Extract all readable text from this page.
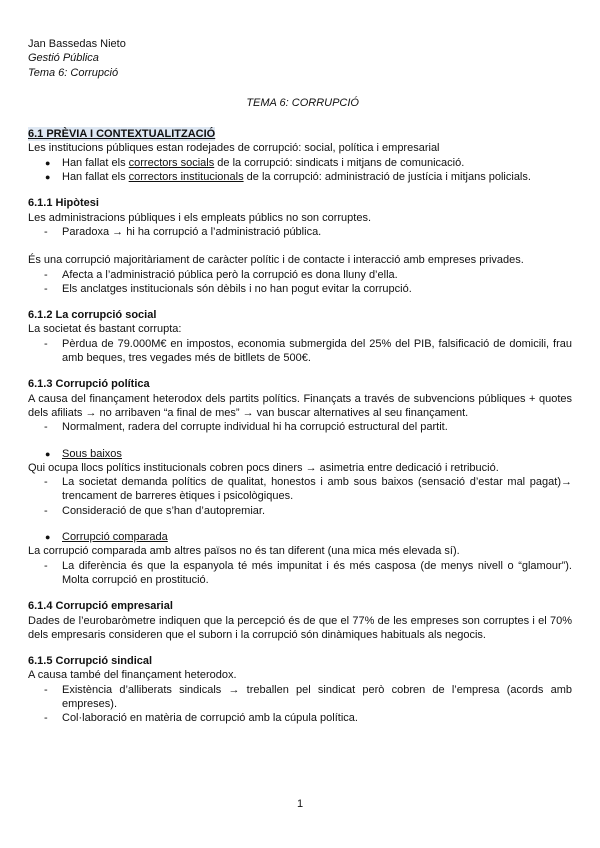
Jan Bassedas Nieto
Gestió Pública
Tema 6: Corrupció
TEMA 6: CORRUPCIÓ
6.1 PRÈVIA I CONTEXTUALITZACIÓ

Les institucions públiques estan rodejades de corrupció: social, política i empresarial

● Han fallat els correctors socials de la corrupció: sindicats i mitjans de comunicació.
● Han fallat els correctors institucionals de la corrupció: administració de justícia i mitjans policials.
6.1.1 Hipòtesi

Les administracions públiques i els empleats públics no son corruptes.

- Paradoxa → hi ha corrupció a l’administració pública.

És una corrupció majoritàriament de caràcter polític i de contacte i interacció amb empreses privades.

- Afecta a l’administració pública però la corrupció es dona lluny d’ella.
- Els anclatges institucionals són dèbils i no han pogut evitar la corrupció.
6.1.2 La corrupció social

La societat és bastant corrupta:

- Pèrdua de 79.000M€ en impostos, economia submergida del 25% del PIB, falsificació de domicili, frau amb beques, tres vegades més de bitllets de 500€.
6.1.3 Corrupció política

A causa del finançament heterodox dels partits polítics. Finançats a través de subvencions públiques + quotes dels afiliats → no arribaven “a final de mes” → van buscar alternatives al seu finançament.

- Normalment, radera del corrupte individual hi ha corrupció estructural del partit.
● Sous baixos

Qui ocupa llocs polítics institucionals cobren pocs diners → asimetria entre dedicació i retribució.

- La societat demanda polítics de qualitat, honestos i amb sous baixos (sensació d’estar mal pagat)→ trencament de barreres ètiques i psicològiques.
- Consideració de que s’han d’autopremiar.
● Corrupció comparada

La corrupció comparada amb altres països no és tan diferent (una mica més elevada sí).

- La diferència és que la espanyola té més impunitat i és més casposa (de menys nivell o “glamour”). Molta corrupció en prostitució.
6.1.4 Corrupció empresarial

Dades de l’eurobaròmetre indiquen que la percepció és de que el 77% de les empreses son corruptes i el 70% dels empresaris consideren que el suborn i la corrupció són dinàmiques habituals als negocis.

6.1.5 Corrupció sindical

A causa també del finançament heterodox.

- Existència d’alliberats sindicals → treballen pel sindicat però cobren de l’empresa (acords amb empreses).
- Col·laboració en matèria de corrupció amb la cúpula política.
1
